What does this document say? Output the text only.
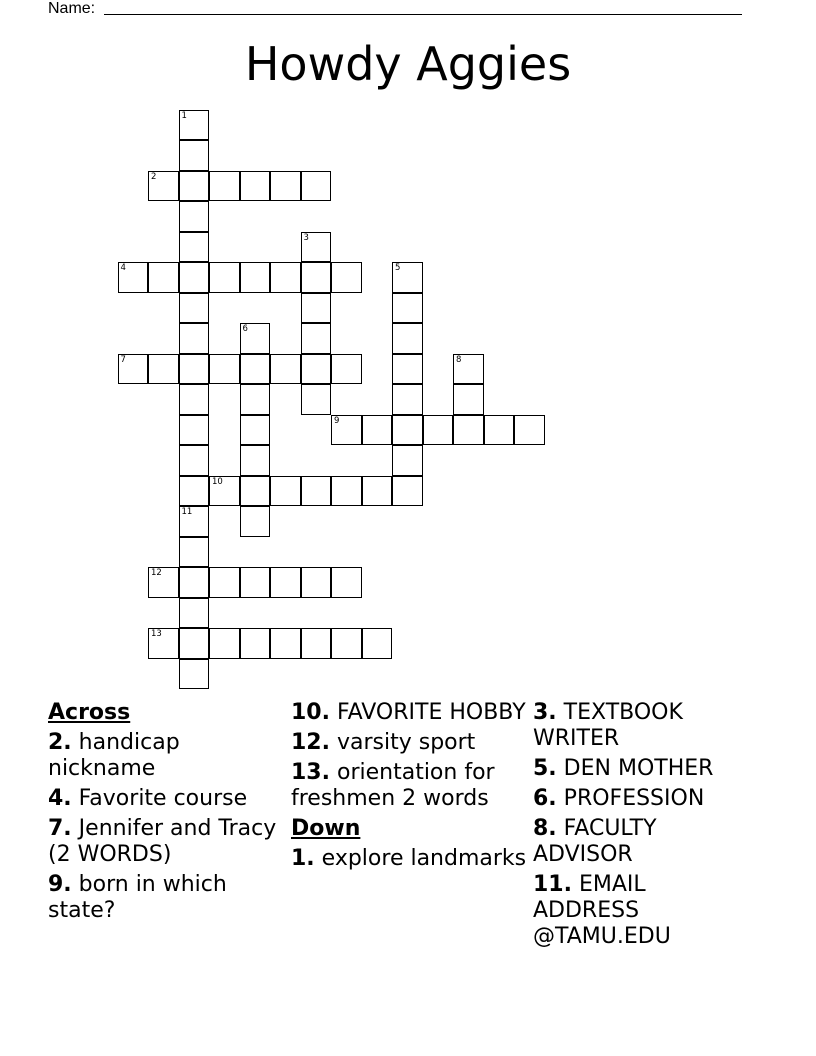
Name:
Howdy Aggies
1
11
2
3
4	5
6
7	8
9
10
12
13
Across
2. handicap nickname
4. Favorite course
7. Jennifer and Tracy (2 WORDS)
9. born in which state?
10. FAVORITE HOBBY
12. varsity sport
13. orientation for freshmen 2 words
Down
1. explore landmarks
3. TEXTBOOK WRITER
5. DEN MOTHER
6. PROFESSION
8. FACULTY ADVISOR
11. EMAIL ADDRESS @TAMU.EDU
